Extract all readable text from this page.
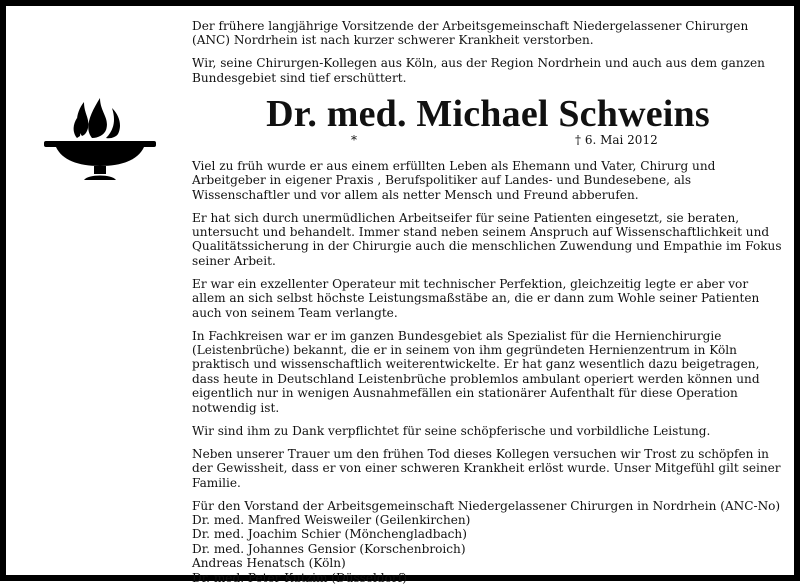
Der frühere langjährige Vorsitzende der Arbeitsgemeinschaft Niedergelassener Chirurgen (ANC) Nordrhein ist nach kurzer schwerer Krankheit verstorben.

Wir, seine Chirurgen-Kollegen aus Köln, aus der Region Nordrhein und auch aus dem ganzen Bundesgebiet sind tief erschüttert.

Dr. med. Michael Schweins
*	† 6. Mai 2012

Viel zu früh wurde er aus einem erfüllten Leben als Ehemann und Vater, Chirurg und Arbeitgeber in eigener Praxis , Berufspolitiker auf Landes- und Bundesebene, als Wissenschaftler und vor allem als netter Mensch und Freund abberufen.

Er hat sich durch unermüdlichen Arbeitseifer für seine Patienten eingesetzt, sie beraten, untersucht und behandelt. Immer stand neben seinem Anspruch auf Wissenschaftlichkeit und Qualitätssicherung in der Chirurgie auch die menschlichen Zuwendung und Empathie im Fokus seiner Arbeit.

Er war ein exzellenter Operateur mit technischer Perfektion, gleichzeitig legte er aber vor allem an sich selbst höchste Leistungsmaßstäbe an, die er dann zum Wohle seiner Patienten auch von seinem Team verlangte.

In Fachkreisen war er im ganzen Bundesgebiet als Spezialist für die Hernienchirurgie (Leistenbrüche) bekannt, die er in seinem von ihm gegründeten Hernienzentrum in Köln praktisch und wissenschaftlich weiterentwickelte. Er hat ganz wesentlich dazu beigetragen, dass heute in Deutschland Leistenbrüche problemlos ambulant operiert werden können und eigentlich nur in wenigen Ausnahmefällen ein stationärer Aufenthalt für diese Operation notwendig ist.

Wir sind ihm zu Dank verpflichtet für seine schöpferische und vorbildliche Leistung.

Neben unserer Trauer um den frühen Tod dieses Kollegen versuchen wir Trost zu schöpfen in der Gewissheit, dass er von einer schweren Krankheit erlöst wurde. Unser Mitgefühl gilt seiner Familie.

Für den Vorstand der Arbeitsgemeinschaft Niedergelassener Chirurgen in Nordrhein (ANC-No)
Dr. med. Manfred Weisweiler (Geilenkirchen)
Dr. med. Joachim Schier (Mönchengladbach)
Dr. med. Johannes Gensior (Korschenbroich)
Andreas Henatsch (Köln)
Dr. med. Peter Kutzim (Düsseldorf)
